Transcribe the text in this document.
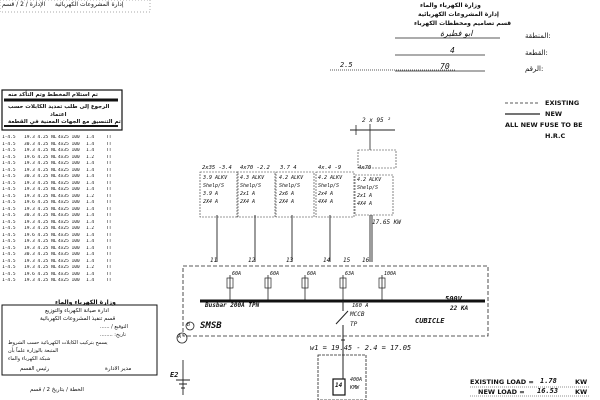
الإدارة / 2 / قسم إدارة المشروعات الكهربائية	وزارة الكهرباء والماء
إدارة المشروعات الكهربائية
قسم تصاميم ومخططات الكهرباء
:المنطقة
:القطعة
:الرقم
ابو فطيرة
4
70
2.5
EXISTING
NEW
ALL NEW FUSE TO BE
H.R.C
تم استلام المخطط وتم التأكد منه
الرجوع إلى طلب تمديد الكابلات حسب
اعتماد
تم التنسيق مع الجهات المعنية في القطعة
1-4.5	19.3 4.25 NL 4x25 100	1.4	TT
1-4.5	30.3 4.25 NL 4x25 100	1.4	TT
1-4.5	19.3 4.25 NL 4x35 100	1.4	TT
1-4.5	19.6 4.25 NL 4x35 100	1.2	TT
1-4.5	19.3 4.25 NL 4x25 100	1.4	TT
1-4.5	19.3 4.25 NL 4x25 100	1.4	TT
1-4.5	30.3 4.25 NL 4x35 100	1.4	TT
1-4.5	19.3 4.25 NL 4x25 100	1.4	TT
1-4.5	19.3 4.25 NL 4x25 100	1.4	TT
1-4.5	19.3 4.25 NL 4x35 100	1.2	TT
1-4.5	19.6 4.25 NL 4x25 100	1.4	TT
1-4.5	19.3 4.25 NL 4x25 100	1.4	TT
1-4.5	30.3 4.25 NL 4x35 100	1.4	TT
1-4.5	19.3 4.25 NL 4x25 100	1.4	TT
1-4.5	19.3 4.25 NL 4x25 100	1.2	TT
1-4.5	19.6 4.25 NL 4x35 100	1.4	TT
1-4.5	19.3 4.25 NL 4x25 100	1.4	TT
1-4.5	19.3 4.25 NL 4x25 100	1.4	TT
1-4.5	30.3 4.25 NL 4x35 100	1.4	TT
1-4.5	19.3 4.25 NL 4x25 100	1.4	TT
1-4.5	19.3 4.25 NL 4x25 100	1.2	TT
1-4.5	19.6 4.25 NL 4x35 100	1.4	TT
1-4.5	19.3 4.25 NL 4x25 100	1.4	TT
وزارة الكهرباء والماء
ادارة صيانة الكهرباء والتوزيع
قسم تنفيذ المشروعات الكهربائية
التوقيع / ......
تاريخ: ........
يسمح بتركيب الكابلات الكهربائية حسب الشروط
المتبعة بالوزارة علماً بأن
شبكة الكهرباء والماء
رئيس القسم	مدير الادارة
الخطة / بتاريخ 2 / قسم
2 x 95 ²
2x35 -3.4
3.9 ALKV
Shelp/S
3.9 A
2X4 A
4x70 -2.2
4.3 ALKV
Shelp/S
2x1 A
2X4 A
3.7 4
4.2 ALKV
Shelp/S
2x6 A
2X4 A
4x.4 -9
4.2 ALKV
Shelp/S
2x4 A
4X4 A
4x70
4.2 ALKV
Shelp/S
2x1 A
4X4 A
17.65 KW
11	12	13	14 15 16
60A	60A	60A	63A	100A
Busbar 200A TPN
500V
22 KA
CUBICLE
SMSB
160 A
MCCB
TP
w1 = 19.45 - 2.4 = 17.05
14
400A
KMW
E2
A
B
EXISTING LOAD = 1.78	KW
NEW LOAD = 16.53	KW
